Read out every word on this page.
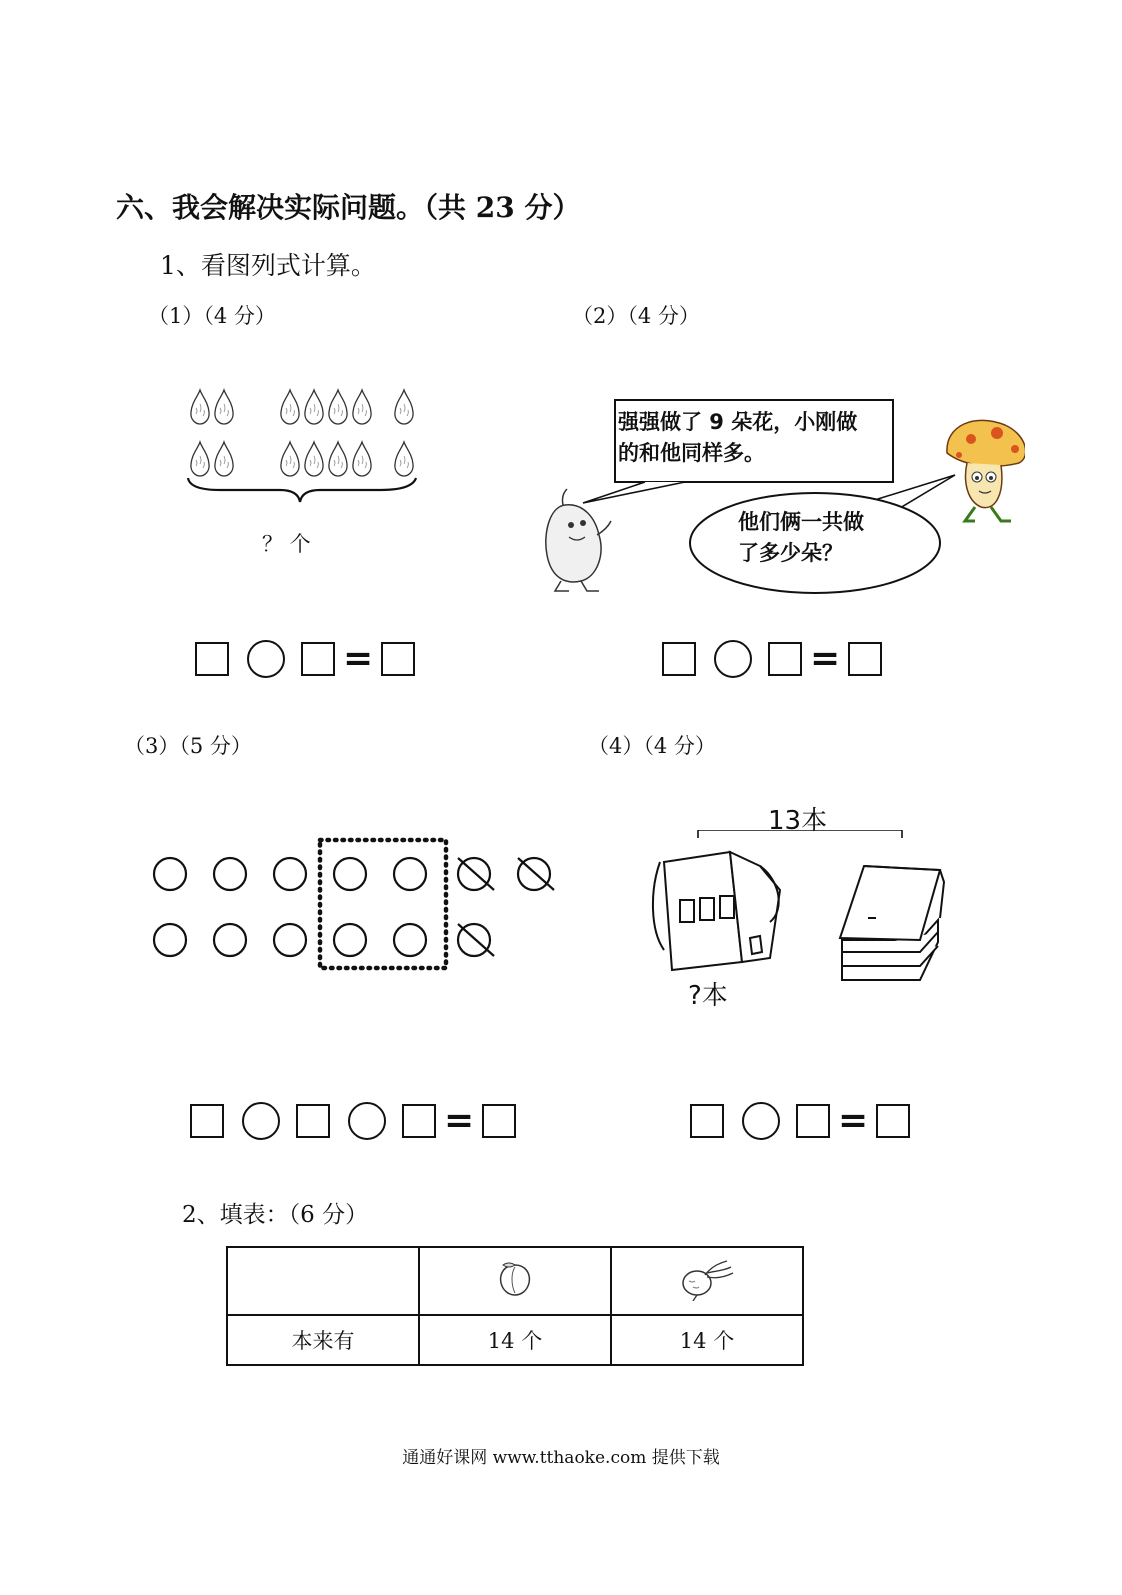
六、我会解决实际问题。（共 23 分）
1、看图列式计算。
（1）（4 分）	（2）（4 分）
？ 个
=
强强做了 9 朵花，小刚做
的和他同样多。
他们俩一共做
了多少朵？
=
（3）（5 分）	（4）（4 分）
13本
?本
=	=
2、填表：（6 分）

本来有	14 个	14 个
通通好课网 www.tthaoke.com 提供下载
